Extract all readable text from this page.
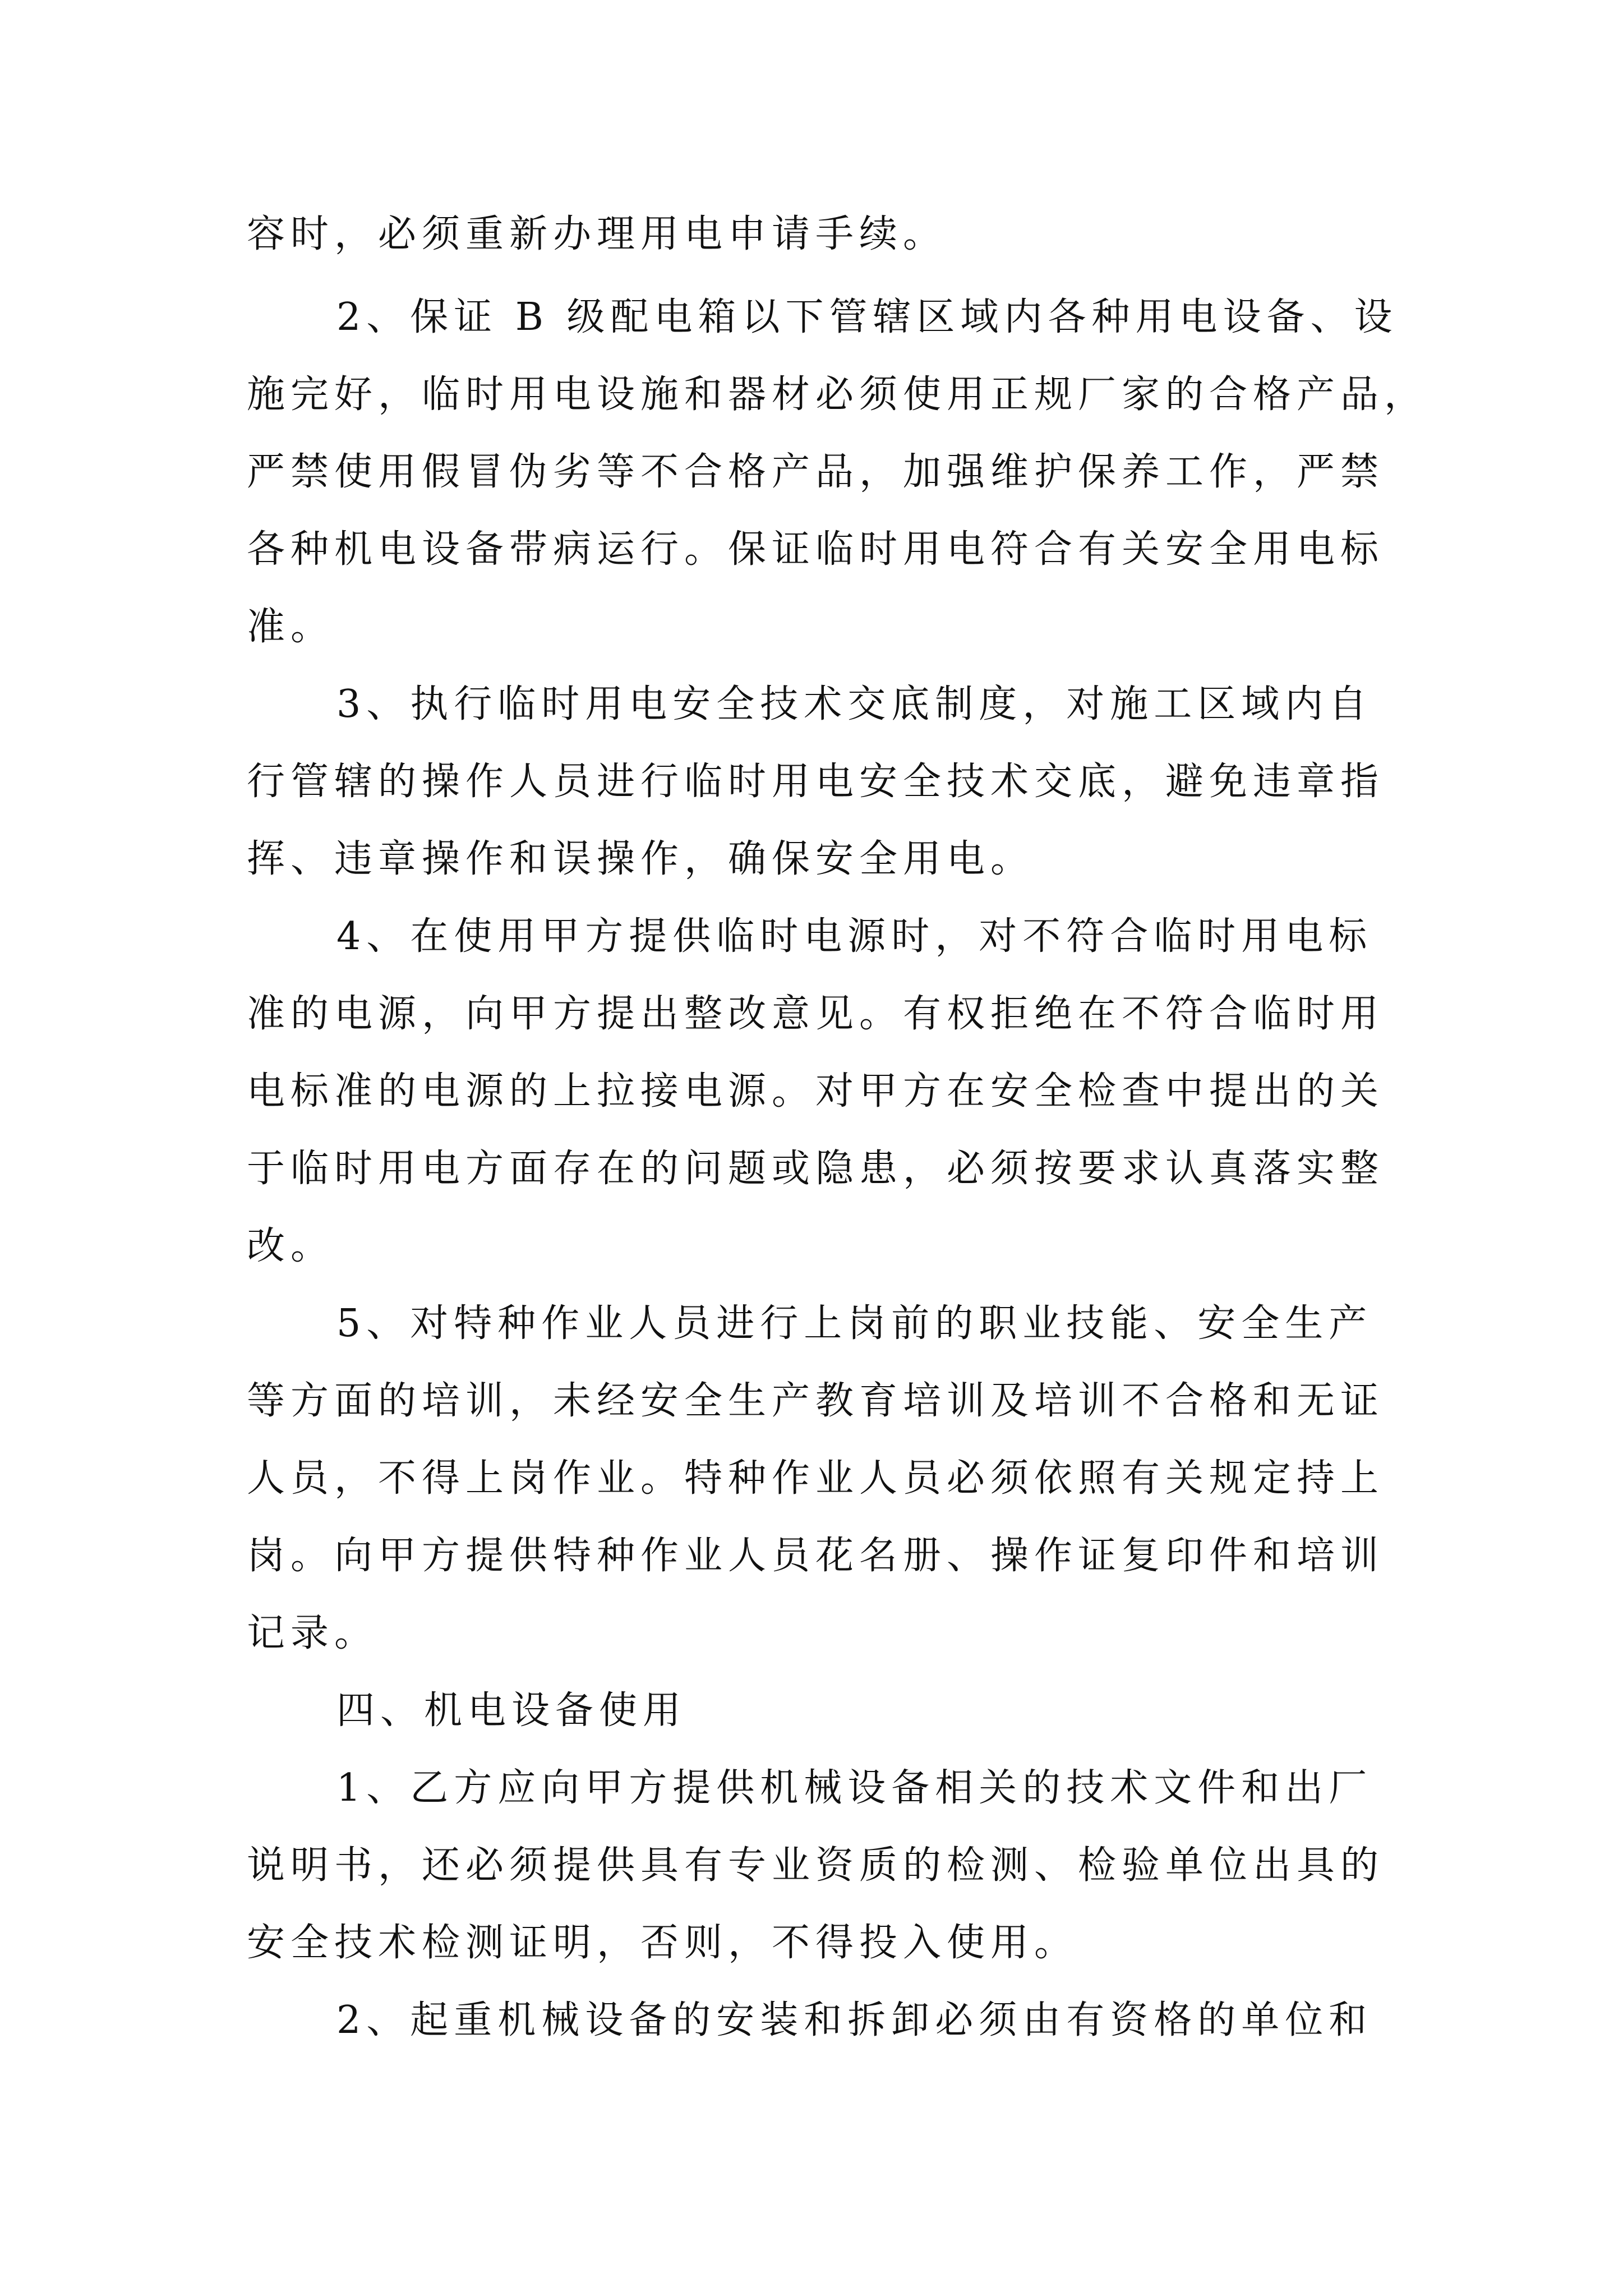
容时，必须重新办理用电申请手续。
2、保证 B 级配电箱以下管辖区域内各种用电设备、设
施完好，临时用电设施和器材必须使用正规厂家的合格产品，
严禁使用假冒伪劣等不合格产品，加强维护保养工作，严禁
各种机电设备带病运行。保证临时用电符合有关安全用电标
准。
3、执行临时用电安全技术交底制度，对施工区域内自
行管辖的操作人员进行临时用电安全技术交底，避免违章指
挥、违章操作和误操作，确保安全用电。
4、在使用甲方提供临时电源时，对不符合临时用电标
准的电源，向甲方提出整改意见。有权拒绝在不符合临时用
电标准的电源的上拉接电源。对甲方在安全检查中提出的关
于临时用电方面存在的问题或隐患，必须按要求认真落实整
改。
5、对特种作业人员进行上岗前的职业技能、安全生产
等方面的培训，未经安全生产教育培训及培训不合格和无证
人员，不得上岗作业。特种作业人员必须依照有关规定持上
岗。向甲方提供特种作业人员花名册、操作证复印件和培训
记录。
四、机电设备使用
1、乙方应向甲方提供机械设备相关的技术文件和出厂
说明书，还必须提供具有专业资质的检测、检验单位出具的
安全技术检测证明，否则，不得投入使用。
2、起重机械设备的安装和拆卸必须由有资格的单位和
